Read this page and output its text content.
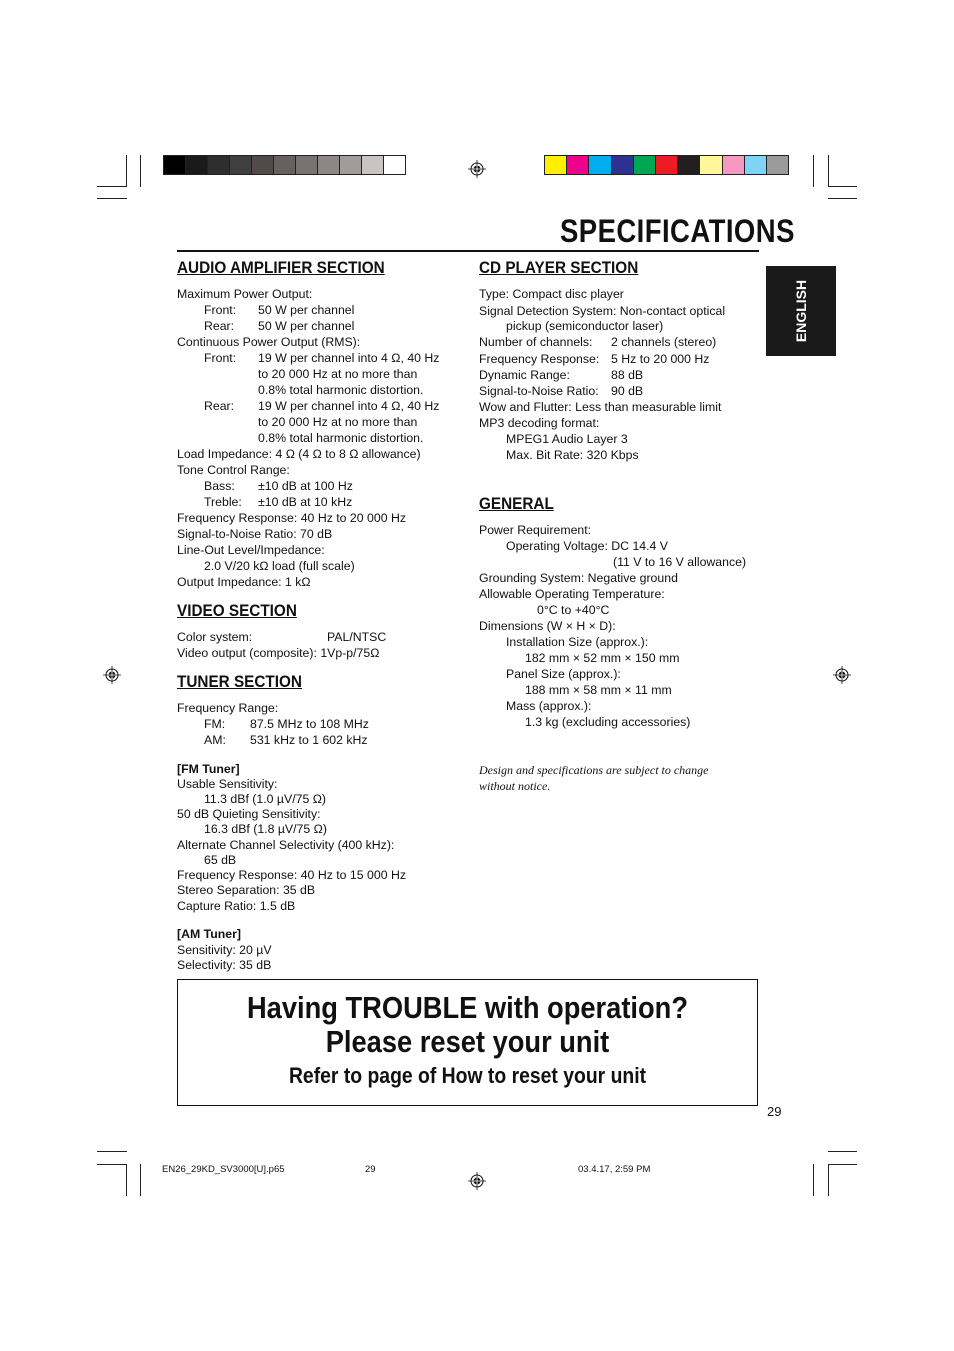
SPECIFICATIONS
ENGLISH
AUDIO AMPLIFIER SECTION
Maximum Power Output:
Front: 50 W per channel
Rear: 50 W per channel
Continuous Power Output (RMS):
Front: 19 W per channel into 4 Ω, 40 Hz
to 20 000 Hz at no more than
0.8% total harmonic distortion.
Rear: 19 W per channel into 4 Ω, 40 Hz
to 20 000 Hz at no more than
0.8% total harmonic distortion.
Load Impedance: 4 Ω (4 Ω to 8 Ω allowance)
Tone Control Range:
Bass: ±10 dB at 100 Hz
Treble: ±10 dB at 10 kHz
Frequency Response: 40 Hz to 20 000 Hz
Signal-to-Noise Ratio: 70 dB
Line-Out Level/Impedance:
2.0 V/20 kΩ load (full scale)
Output Impedance: 1 kΩ
VIDEO SECTION
Color system:	PAL/NTSC
Video output (composite): 1Vp-p/75Ω
TUNER SECTION
Frequency Range:
FM: 87.5 MHz to 108 MHz
AM: 531 kHz to 1 602 kHz
[FM Tuner]
Usable Sensitivity:
11.3 dBf (1.0 µV/75 Ω)
50 dB Quieting Sensitivity:
16.3 dBf (1.8 µV/75 Ω)
Alternate Channel Selectivity (400 kHz):
65 dB
Frequency Response: 40 Hz to 15 000 Hz
Stereo Separation: 35 dB
Capture Ratio: 1.5 dB
[AM Tuner]
Sensitivity: 20 µV
Selectivity: 35 dB
CD PLAYER SECTION
Type: Compact disc player
Signal Detection System: Non-contact optical
pickup (semiconductor laser)
Number of channels: 2 channels (stereo)
Frequency Response: 5 Hz to 20 000 Hz
Dynamic Range:	88 dB
Signal-to-Noise Ratio: 90 dB
Wow and Flutter: Less than measurable limit
MP3 decoding format:
MPEG1 Audio Layer 3
Max. Bit Rate: 320 Kbps
GENERAL
Power Requirement:
Operating Voltage: DC 14.4 V
(11 V to 16 V allowance)
Grounding System: Negative ground
Allowable Operating Temperature:
0°C to +40°C
Dimensions (W × H × D):
Installation Size (approx.):
182 mm × 52 mm × 150 mm
Panel Size (approx.):
188 mm × 58 mm × 11 mm
Mass (approx.):
1.3 kg (excluding accessories)
Design and specifications are subject to change
without notice.
Having TROUBLE with operation?
Please reset your unit
Refer to page of How to reset your unit
29
EN26_29KD_SV3000[U].p65	29	03.4.17, 2:59 PM
